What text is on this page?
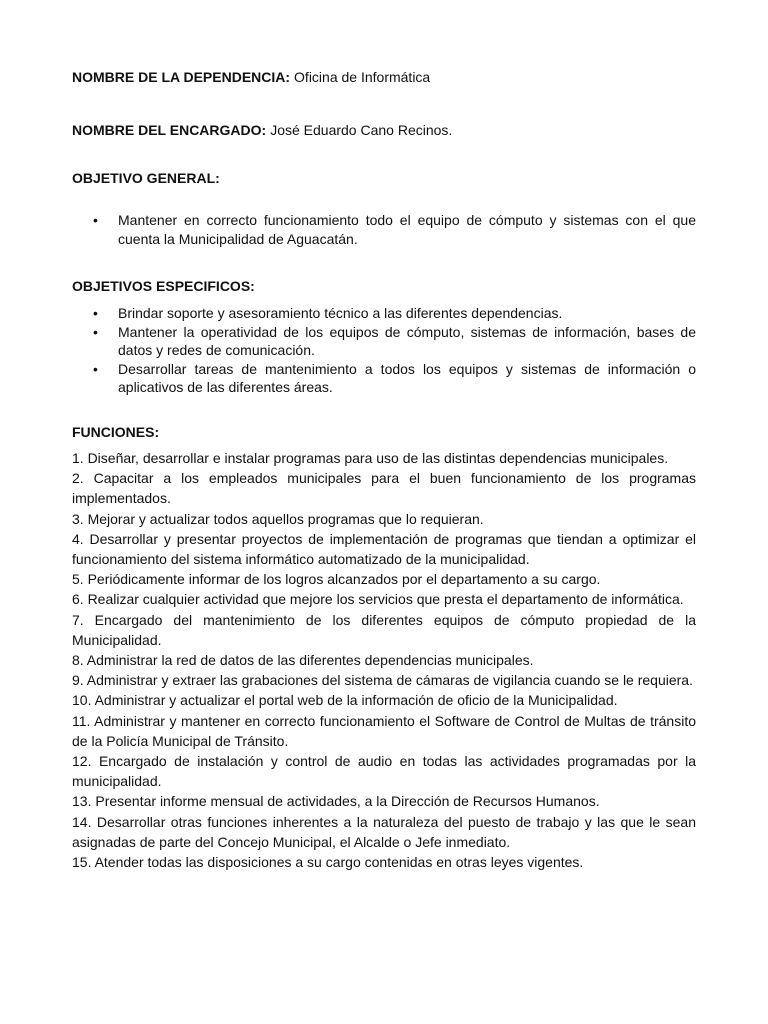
NOMBRE DE LA DEPENDENCIA: Oficina de Informática
NOMBRE DEL ENCARGADO: José Eduardo Cano Recinos.
OBJETIVO GENERAL:
• Mantener en correcto funcionamiento todo el equipo de cómputo y sistemas con el que cuenta la Municipalidad de Aguacatán.
OBJETIVOS ESPECIFICOS:
• Brindar soporte y asesoramiento técnico a las diferentes dependencias.
• Mantener la operatividad de los equipos de cómputo, sistemas de información, bases de datos y redes de comunicación.
• Desarrollar tareas de mantenimiento a todos los equipos y sistemas de información o aplicativos de las diferentes áreas.
FUNCIONES:
1. Diseñar, desarrollar e instalar programas para uso de las distintas dependencias municipales.
2. Capacitar a los empleados municipales para el buen funcionamiento de los programas implementados.
3. Mejorar y actualizar todos aquellos programas que lo requieran.
4. Desarrollar y presentar proyectos de implementación de programas que tiendan a optimizar el funcionamiento del sistema informático automatizado de la municipalidad.
5. Periódicamente informar de los logros alcanzados por el departamento a su cargo.
6. Realizar cualquier actividad que mejore los servicios que presta el departamento de informática.
7. Encargado del mantenimiento de los diferentes equipos de cómputo propiedad de la Municipalidad.
8. Administrar la red de datos de las diferentes dependencias municipales.
9. Administrar y extraer las grabaciones del sistema de cámaras de vigilancia cuando se le requiera.
10. Administrar y actualizar el portal web de la información de oficio de la Municipalidad.
11. Administrar y mantener en correcto funcionamiento el Software de Control de Multas de tránsito de la Policía Municipal de Tránsito.
12. Encargado de instalación y control de audio en todas las actividades programadas por la municipalidad.
13. Presentar informe mensual de actividades, a la Dirección de Recursos Humanos.
14. Desarrollar otras funciones inherentes a la naturaleza del puesto de trabajo y las que le sean asignadas de parte del Concejo Municipal, el Alcalde o Jefe inmediato.
15. Atender todas las disposiciones a su cargo contenidas en otras leyes vigentes.
